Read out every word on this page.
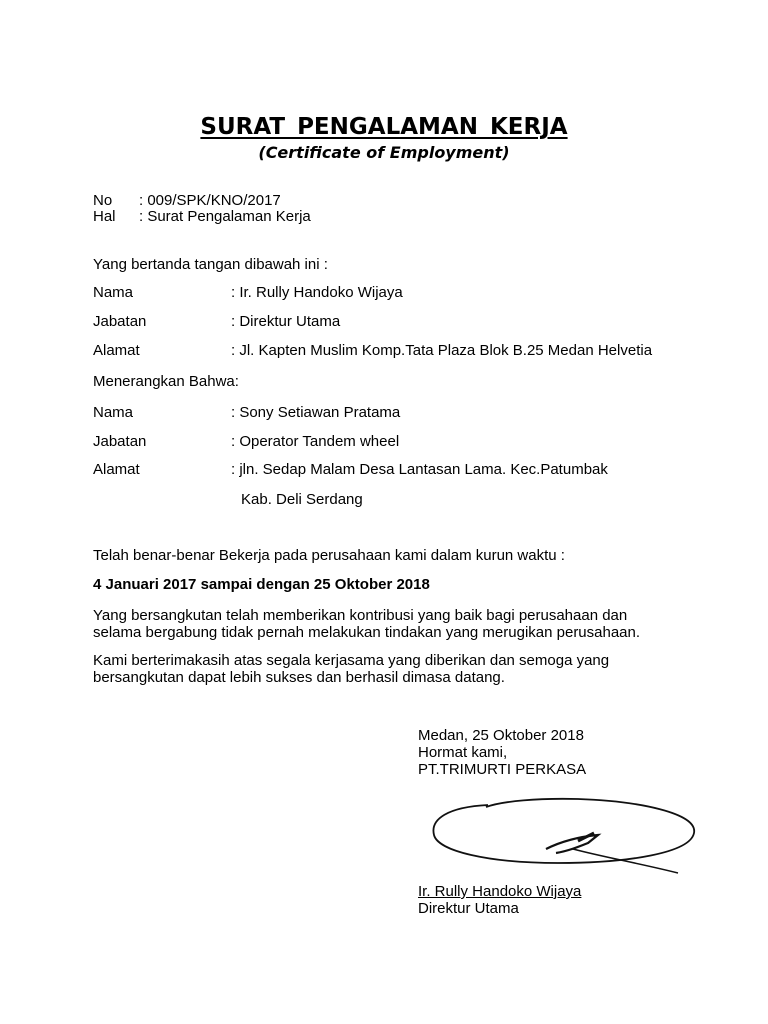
SURAT PENGALAMAN KERJA
(Certificate of Employment)
No : 009/SPK/KNO/2017
Hal : Surat Pengalaman Kerja
Yang bertanda tangan dibawah ini :
Nama	: Ir. Rully Handoko Wijaya
Jabatan	: Direktur Utama
Alamat	: Jl. Kapten Muslim Komp.Tata Plaza Blok B.25 Medan Helvetia
Menerangkan Bahwa:
Nama	: Sony Setiawan Pratama
Jabatan	: Operator Tandem wheel
Alamat	: jln. Sedap Malam Desa Lantasan Lama. Kec.Patumbak
Kab. Deli Serdang
Telah benar-benar Bekerja pada perusahaan kami dalam kurun waktu :
4 Januari 2017 sampai dengan 25 Oktober 2018
Yang bersangkutan telah memberikan kontribusi yang baik bagi perusahaan dan
selama bergabung tidak pernah melakukan tindakan yang merugikan perusahaan.
Kami berterimakasih atas segala kerjasama yang diberikan dan semoga yang
bersangkutan dapat lebih sukses dan berhasil dimasa datang.
Medan, 25 Oktober 2018
Hormat kami,
PT.TRIMURTI PERKASA
Ir. Rully Handoko Wijaya
Direktur Utama
